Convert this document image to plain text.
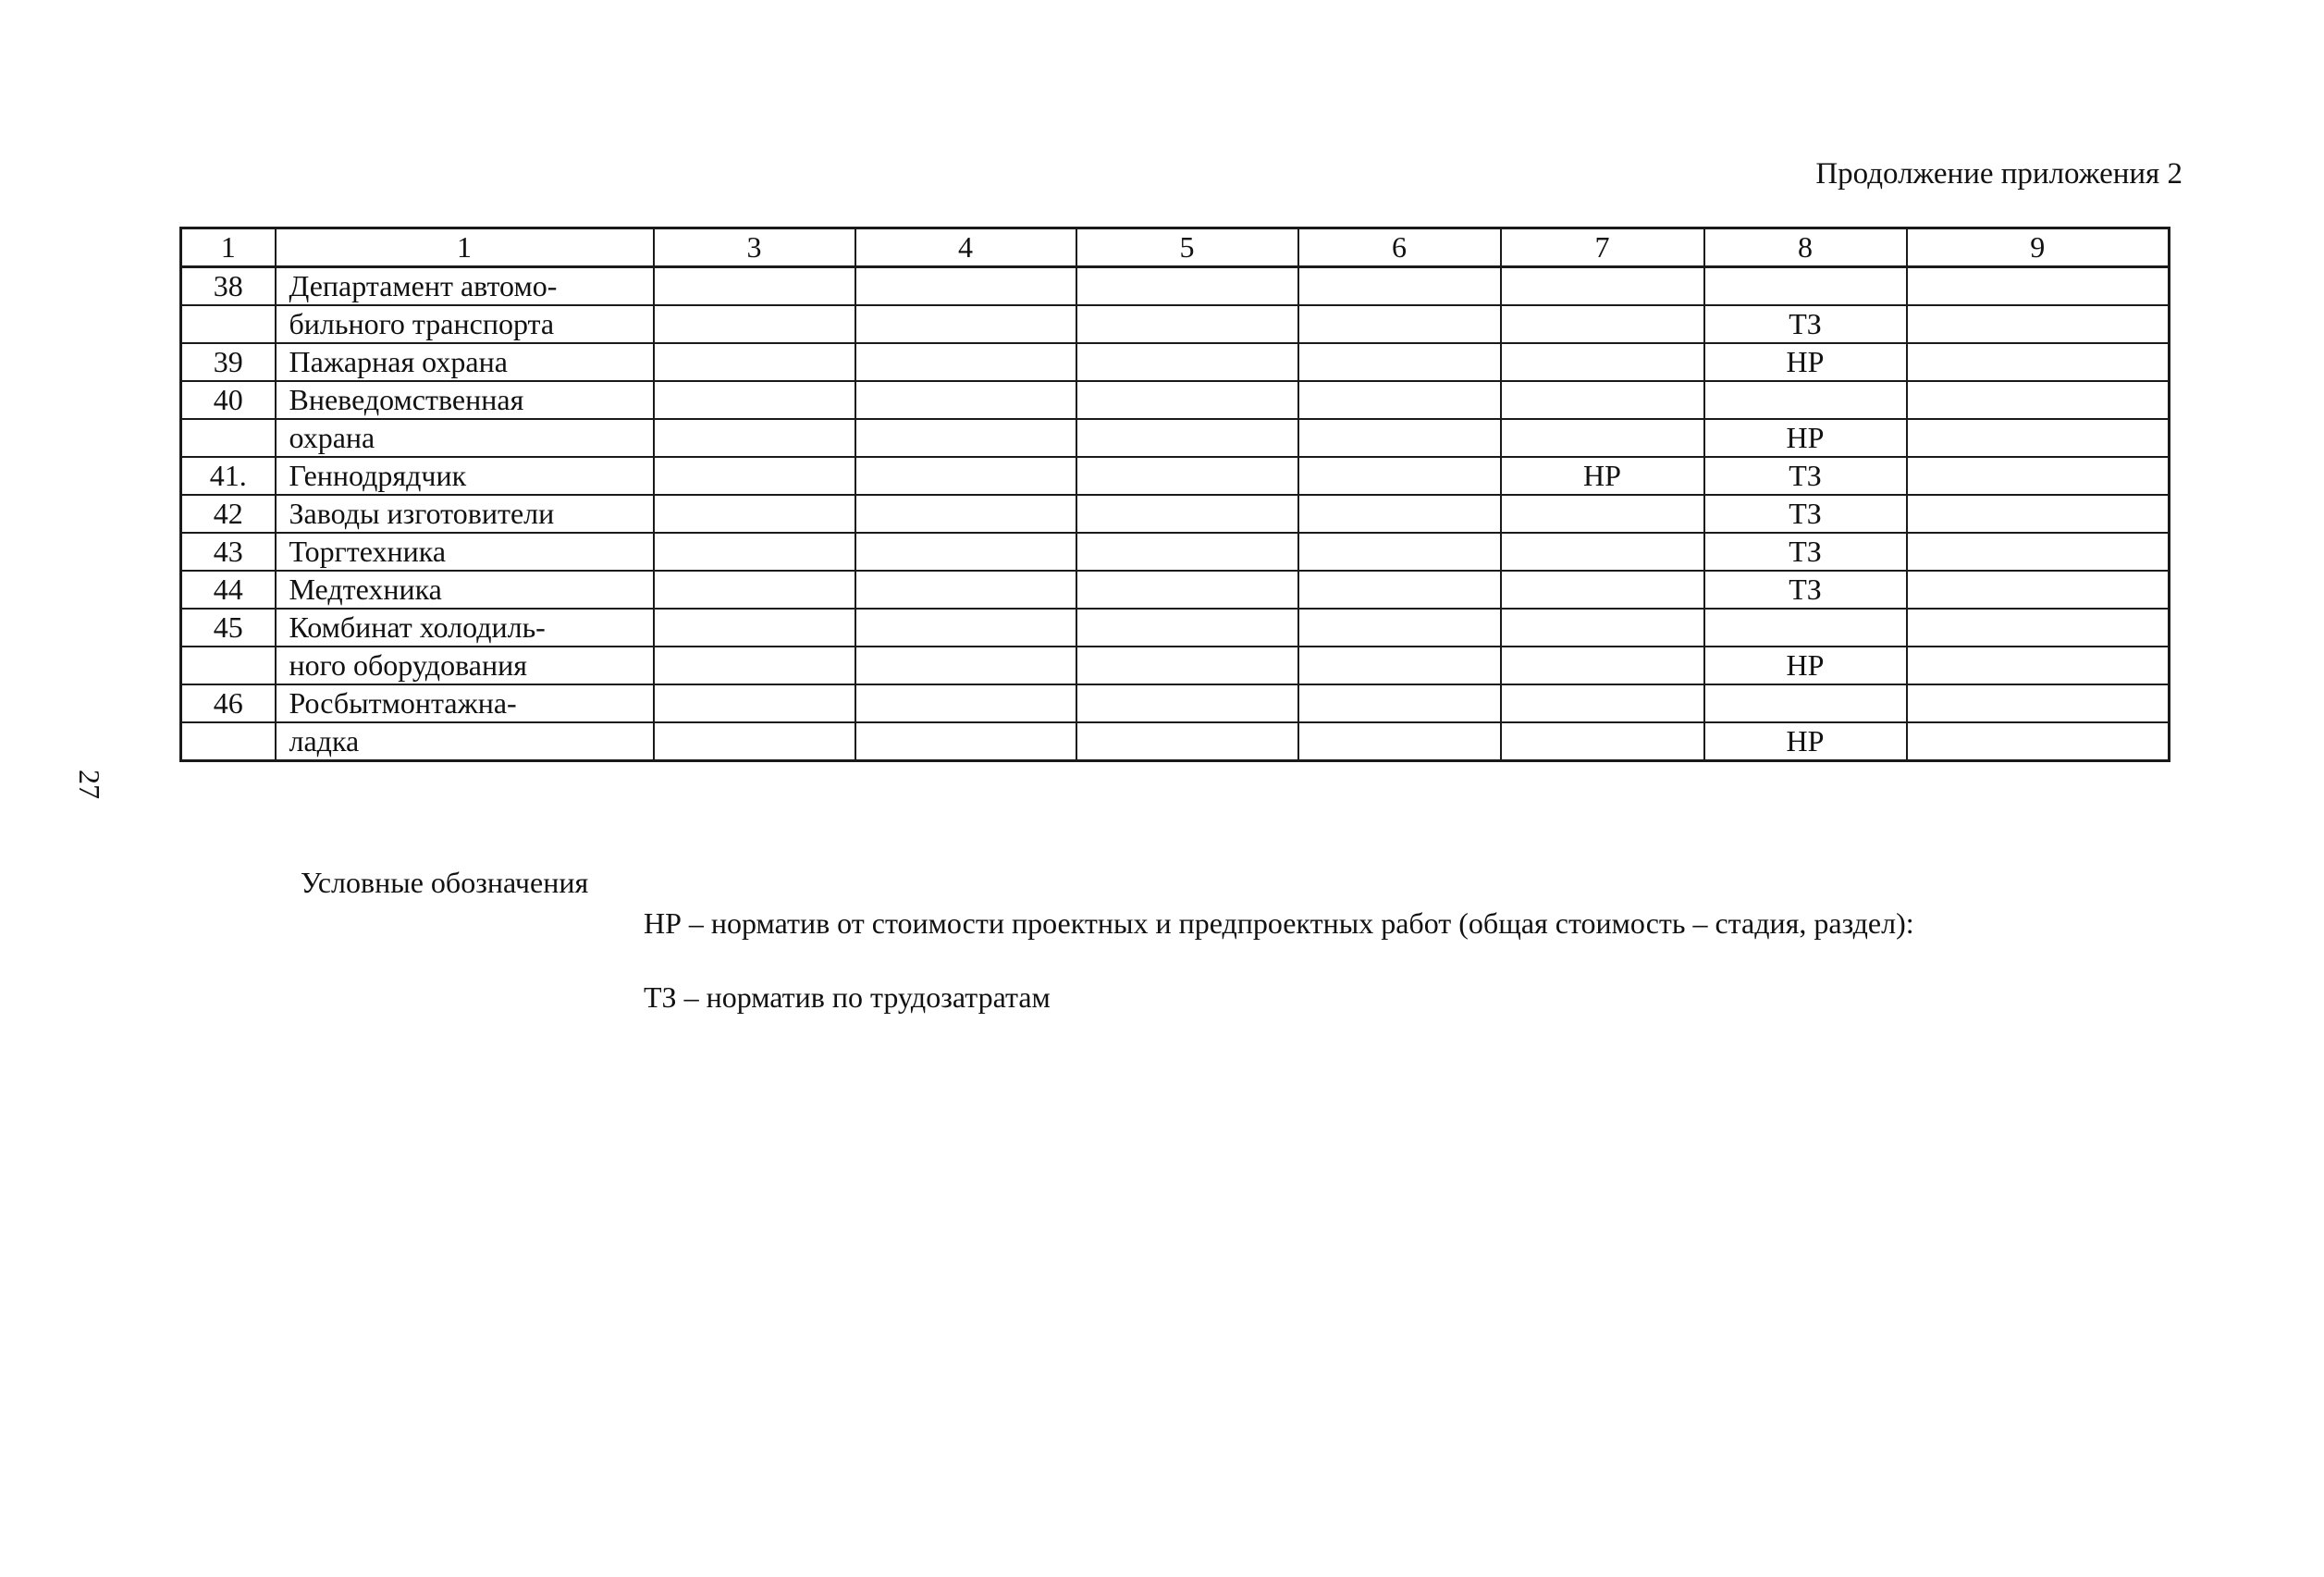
Продолжение приложения 2
27
1	1	3	4	5	6	7	8	9
38	Департамент автомо-							
	бильного транспорта						ТЗ	
39	Пажарная охрана						НР	
40	Вневедомственная							
	охрана						НР	
41.	Геннодрядчик					НР	ТЗ	
42	Заводы изготовители						ТЗ	
43	Торгтехника						ТЗ	
44	Медтехника						ТЗ	
45	Комбинат холодиль-							
	ного оборудования						НР	
46	Росбытмонтажна-							
	ладка						НР	
Условные обозначения
НР – норматив от стоимости проектных и предпроектных работ (общая стоимость – стадия, раздел):
ТЗ – норматив по трудозатратам
